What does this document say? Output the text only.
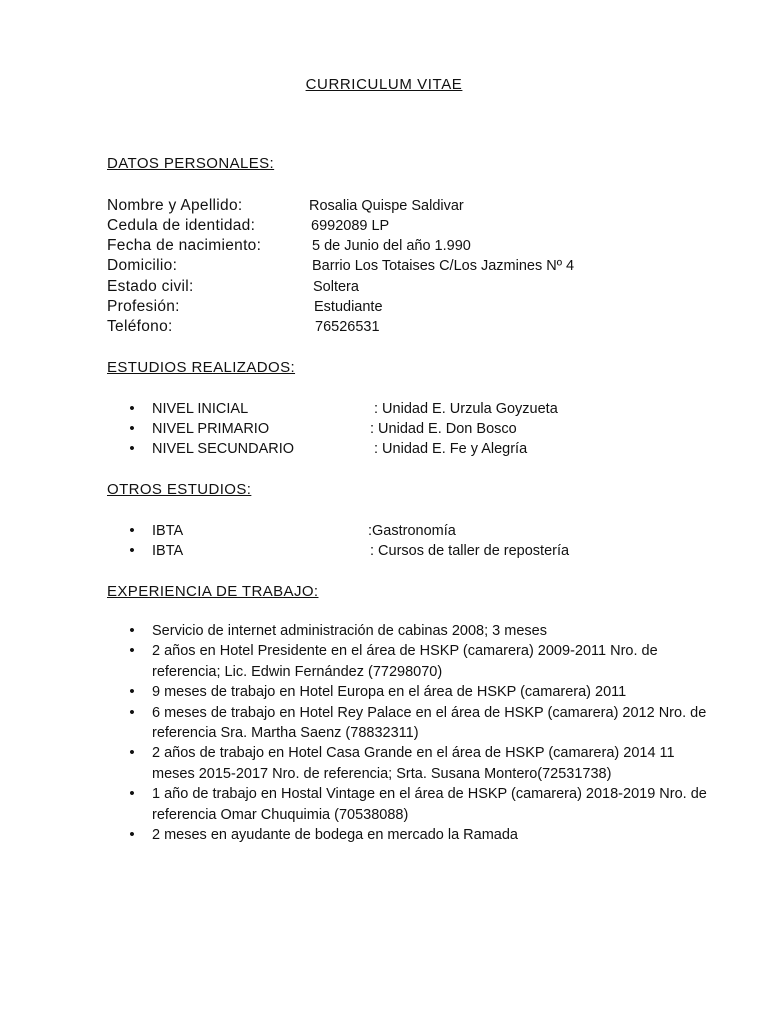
CURRICULUM VITAE
DATOS PERSONALES:
Nombre y Apellido:	Rosalia Quispe Saldivar
Cedula de identidad:	6992089 LP
Fecha de nacimiento:	5 de Junio del año 1.990
Domicilio:	Barrio Los Totaises C/Los Jazmines Nº 4
Estado civil:	Soltera
Profesión:	Estudiante
Teléfono:	76526531
ESTUDIOS REALIZADOS:
•
NIVEL INICIAL	: Unidad E. Urzula Goyzueta
•
NIVEL PRIMARIO	: Unidad E. Don Bosco
•
NIVEL SECUNDARIO	: Unidad E. Fe y Alegría
OTROS ESTUDIOS:
•
IBTA	:Gastronomía
•
IBTA	: Cursos de taller de repostería
EXPERIENCIA DE TRABAJO:

•
Servicio de internet administración de cabinas 2008; 3 meses

•
2 años en Hotel Presidente en el área de HSKP (camarera) 2009-2011 Nro. de referencia; Lic. Edwin Fernández (77298070)

•
9 meses de trabajo en Hotel Europa en el área de HSKP (camarera) 2011

•
6 meses de trabajo en Hotel Rey Palace en el área de HSKP (camarera) 2012 Nro. de referencia Sra. Martha Saenz (78832311)

•
2 años de trabajo en Hotel Casa Grande en el área de HSKP (camarera) 2014 11 meses 2015-2017 Nro. de referencia; Srta. Susana Montero(72531738)

•
1 año de trabajo en Hostal Vintage en el área de HSKP (camarera) 2018-2019 Nro. de referencia Omar Chuquimia (70538088)

•
2 meses en ayudante de bodega en mercado la Ramada
